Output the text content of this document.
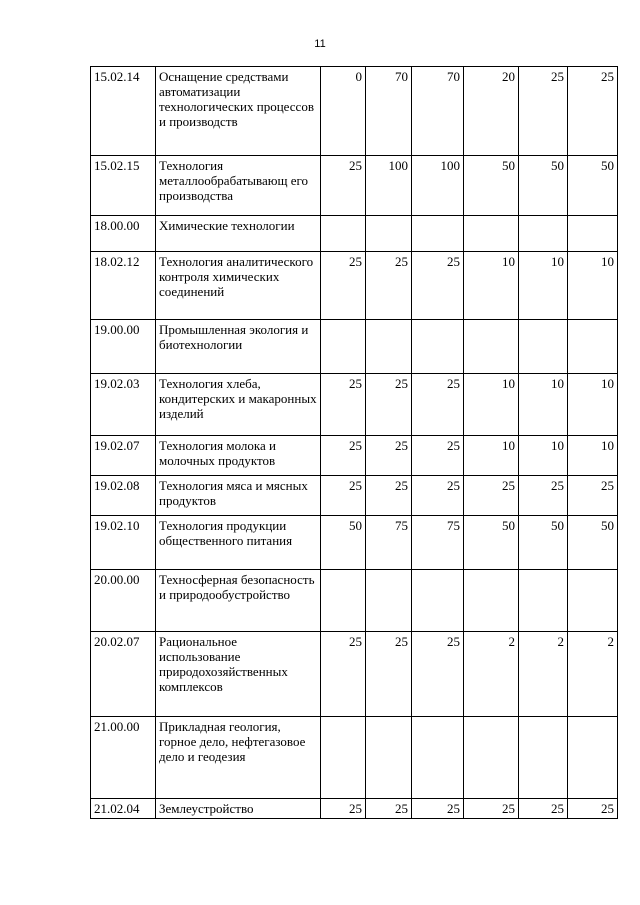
11
15.02.14	Оснащение средствами автоматизации технологических процессов и производств	0	70	70	20	25	25
15.02.15	Технология металлообрабатывающ его производства	25	100	100	50	50	50
18.00.00	Химические технологии						
18.02.12	Технология аналитического контроля химических соединений	25	25	25	10	10	10
19.00.00	Промышленная экология и биотехнологии						
19.02.03	Технология хлеба, кондитерских и макаронных изделий	25	25	25	10	10	10
19.02.07	Технология молока и молочных продуктов	25	25	25	10	10	10
19.02.08	Технология мяса и мясных продуктов	25	25	25	25	25	25
19.02.10	Технология продукции общественного питания	50	75	75	50	50	50
20.00.00	Техносферная безопасность и природообустройство						
20.02.07	Рациональное использование природохозяйственных комплексов	25	25	25	2	2	2
21.00.00	Прикладная геология, горное дело, нефтегазовое дело и геодезия						
21.02.04	Землеустройство	25	25	25	25	25	25
